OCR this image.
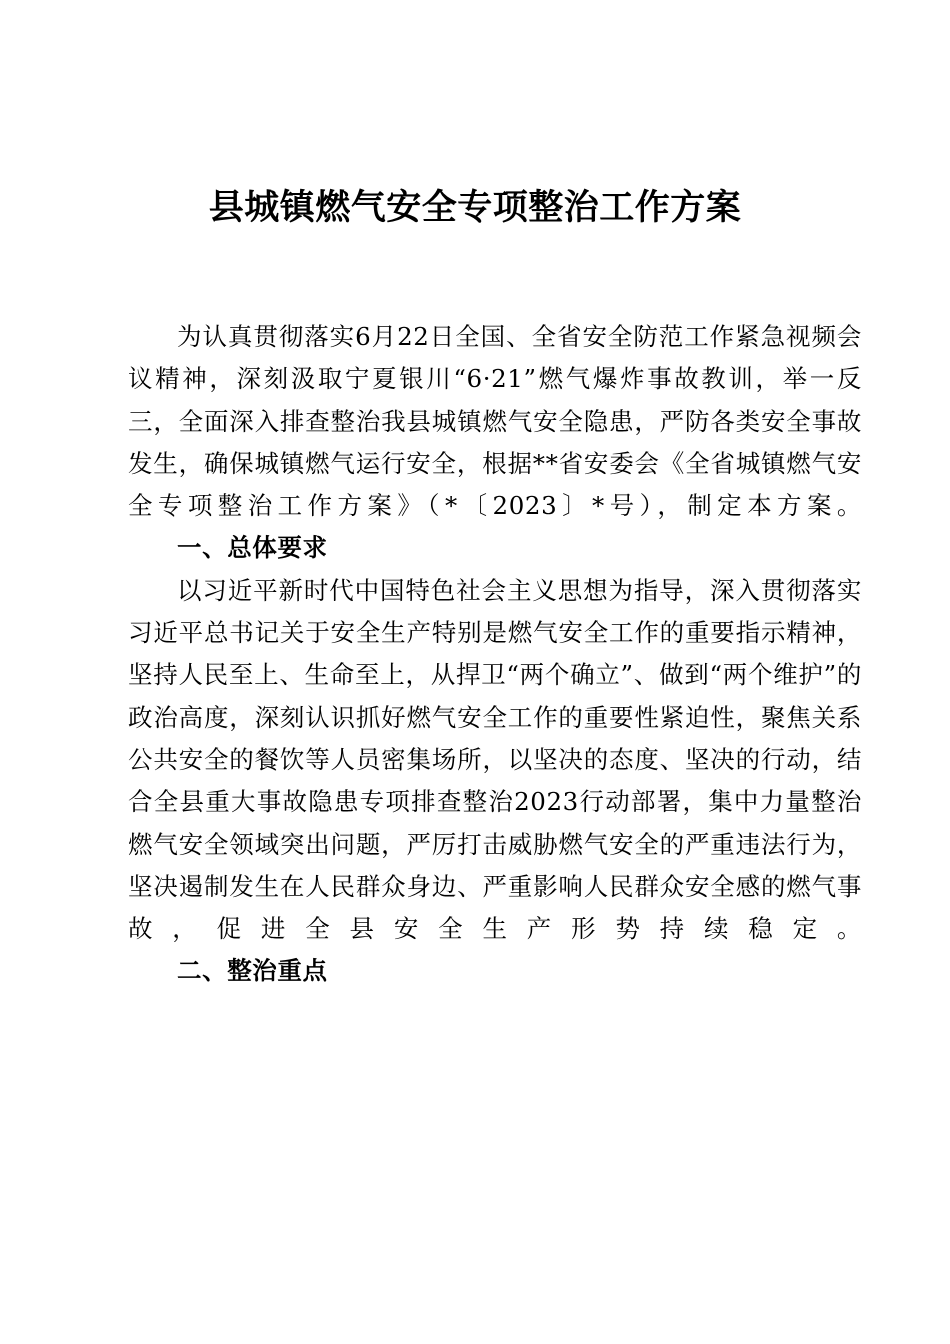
县城镇燃气安全专项整治工作方案

为认真贯彻落实6月22日全国、全省安全防范工作紧急视频会议精神，深刻汲取宁夏银川“6·21”燃气爆炸事故教训，举一反三，全面深入排查整治我县城镇燃气安全隐患，严防各类安全事故发生，确保城镇燃气运行安全，根据**省安委会《全省城镇燃气安全专项整治工作方案》（*〔2023〕*号），制定本方案。

一、总体要求

以习近平新时代中国特色社会主义思想为指导，深入贯彻落实习近平总书记关于安全生产特别是燃气安全工作的重要指示精神，坚持人民至上、生命至上，从捍卫“两个确立”、做到“两个维护”的政治高度，深刻认识抓好燃气安全工作的重要性紧迫性，聚焦关系公共安全的餐饮等人员密集场所，以坚决的态度、坚决的行动，结合全县重大事故隐患专项排查整治2023行动部署，集中力量整治燃气安全领域突出问题，严厉打击威胁燃气安全的严重违法行为，坚决遏制发生在人民群众身边、严重影响人民群众安全感的燃气事故，促进全县安全生产形势持续稳定。

二、整治重点
